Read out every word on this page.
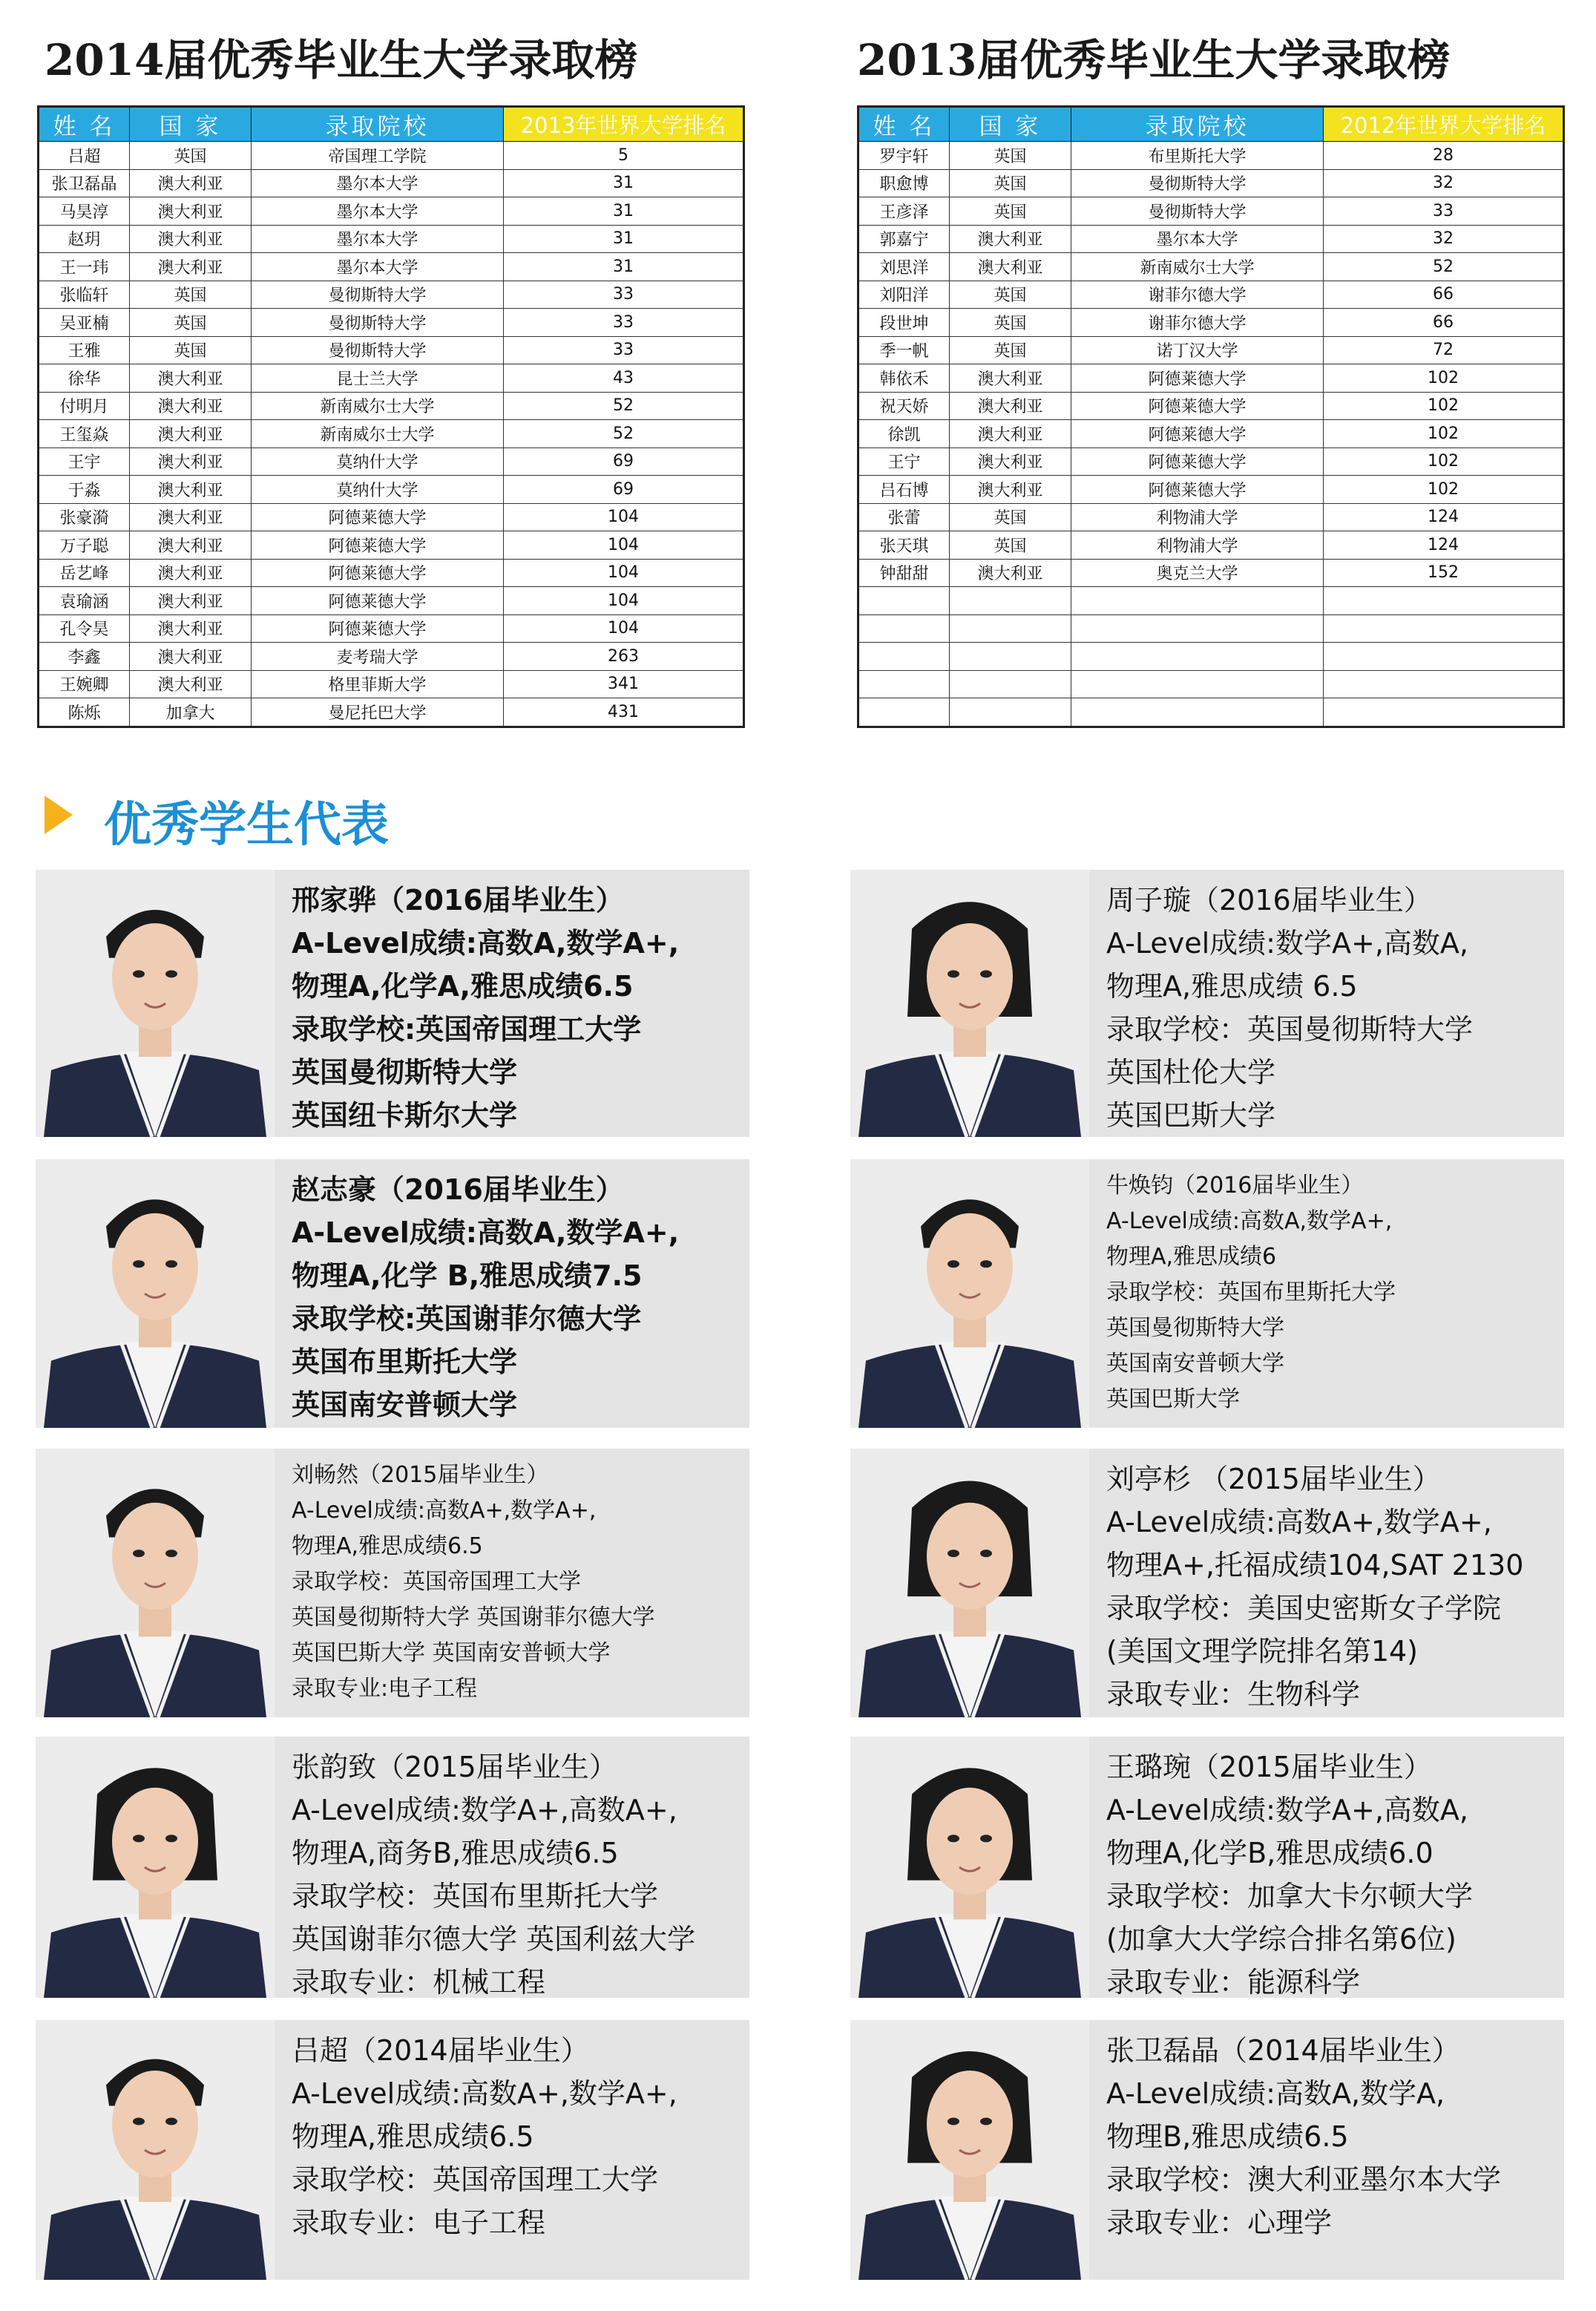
2014届优秀毕业生大学录取榜	2013届优秀毕业生大学录取榜
姓 名	国 家	录取院校	2013年世界大学排名
吕超	英国	帝国理工学院	5
张卫磊晶	澳大利亚	墨尔本大学	31
马昊淳	澳大利亚	墨尔本大学	31
赵玥	澳大利亚	墨尔本大学	31
王一玮	澳大利亚	墨尔本大学	31
张临轩	英国	曼彻斯特大学	33
吴亚楠	英国	曼彻斯特大学	33
王雅	英国	曼彻斯特大学	33
徐华	澳大利亚	昆士兰大学	43
付明月	澳大利亚	新南威尔士大学	52
王玺焱	澳大利亚	新南威尔士大学	52
王宇	澳大利亚	莫纳什大学	69
于淼	澳大利亚	莫纳什大学	69
张豪漪	澳大利亚	阿德莱德大学	104
万子聪	澳大利亚	阿德莱德大学	104
岳艺峰	澳大利亚	阿德莱德大学	104
袁瑜涵	澳大利亚	阿德莱德大学	104
孔令昊	澳大利亚	阿德莱德大学	104
李鑫	澳大利亚	麦考瑞大学	263
王婉卿	澳大利亚	格里菲斯大学	341
陈烁	加拿大	曼尼托巴大学	431
姓 名	国 家	录取院校	2012年世界大学排名
罗宇轩	英国	布里斯托大学	28
职愈博	英国	曼彻斯特大学	32
王彦泽	英国	曼彻斯特大学	33
郭嘉宁	澳大利亚	墨尔本大学	32
刘思洋	澳大利亚	新南威尔士大学	52
刘阳洋	英国	谢菲尔德大学	66
段世坤	英国	谢菲尔德大学	66
季一帆	英国	诺丁汉大学	72
韩依禾	澳大利亚	阿德莱德大学	102
祝天娇	澳大利亚	阿德莱德大学	102
徐凯	澳大利亚	阿德莱德大学	102
王宁	澳大利亚	阿德莱德大学	102
吕石博	澳大利亚	阿德莱德大学	102
张蕾	英国	利物浦大学	124
张天琪	英国	利物浦大学	124
钟甜甜	澳大利亚	奥克兰大学	152

优秀学生代表
邢家骅（2016届毕业生）
A-Level成绩:高数A,数学A+,
物理A,化学A,雅思成绩6.5
录取学校:英国帝国理工大学
英国曼彻斯特大学
英国纽卡斯尔大学
周子璇（2016届毕业生）
A-Level成绩:数学A+,高数A,
物理A,雅思成绩 6.5
录取学校：英国曼彻斯特大学
英国杜伦大学
英国巴斯大学
赵志豪（2016届毕业生）
A-Level成绩:高数A,数学A+,
物理A,化学 B,雅思成绩7.5
录取学校:英国谢菲尔德大学
英国布里斯托大学
英国南安普顿大学
牛焕钧（2016届毕业生）
A-Level成绩:高数A,数学A+,
物理A,雅思成绩6
录取学校：英国布里斯托大学
英国曼彻斯特大学
英国南安普顿大学
英国巴斯大学
刘畅然（2015届毕业生）
A-Level成绩:高数A+,数学A+,
物理A,雅思成绩6.5
录取学校：英国帝国理工大学
英国曼彻斯特大学 英国谢菲尔德大学
英国巴斯大学 英国南安普顿大学
录取专业:电子工程
刘亭杉 （2015届毕业生）
A-Level成绩:高数A+,数学A+,
物理A+,托福成绩104,SAT 2130
录取学校：美国史密斯女子学院
(美国文理学院排名第14)
录取专业：生物科学
张韵致（2015届毕业生）
A-Level成绩:数学A+,高数A+,
物理A,商务B,雅思成绩6.5
录取学校：英国布里斯托大学
英国谢菲尔德大学 英国利兹大学
录取专业：机械工程
王璐琬（2015届毕业生）
A-Level成绩:数学A+,高数A,
物理A,化学B,雅思成绩6.0
录取学校：加拿大卡尔顿大学
(加拿大大学综合排名第6位)
录取专业：能源科学
吕超（2014届毕业生）
A-Level成绩:高数A+,数学A+,
物理A,雅思成绩6.5
录取学校：英国帝国理工大学
录取专业：电子工程
张卫磊晶（2014届毕业生）
A-Level成绩:高数A,数学A,
物理B,雅思成绩6.5
录取学校：澳大利亚墨尔本大学
录取专业：心理学
